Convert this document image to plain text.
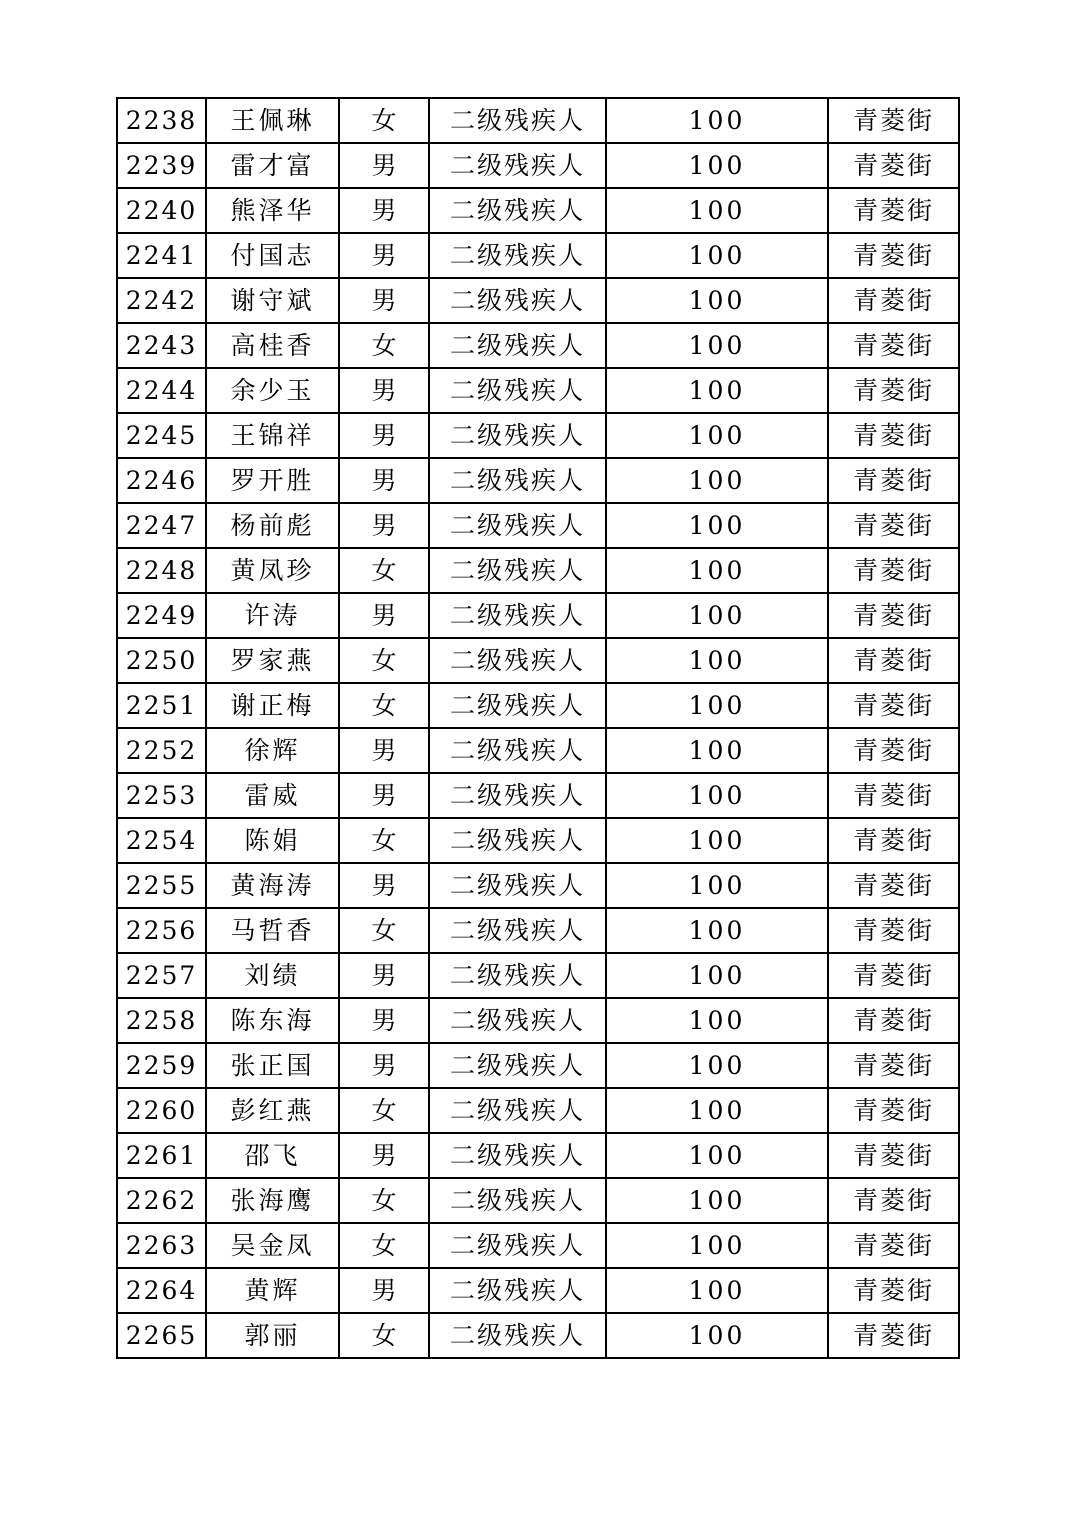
2238	王佩琳	女	二级残疾人	100	青菱街
2239	雷才富	男	二级残疾人	100	青菱街
2240	熊泽华	男	二级残疾人	100	青菱街
2241	付国志	男	二级残疾人	100	青菱街
2242	谢守斌	男	二级残疾人	100	青菱街
2243	高桂香	女	二级残疾人	100	青菱街
2244	余少玉	男	二级残疾人	100	青菱街
2245	王锦祥	男	二级残疾人	100	青菱街
2246	罗开胜	男	二级残疾人	100	青菱街
2247	杨前彪	男	二级残疾人	100	青菱街
2248	黄凤珍	女	二级残疾人	100	青菱街
2249	许涛	男	二级残疾人	100	青菱街
2250	罗家燕	女	二级残疾人	100	青菱街
2251	谢正梅	女	二级残疾人	100	青菱街
2252	徐辉	男	二级残疾人	100	青菱街
2253	雷威	男	二级残疾人	100	青菱街
2254	陈娟	女	二级残疾人	100	青菱街
2255	黄海涛	男	二级残疾人	100	青菱街
2256	马哲香	女	二级残疾人	100	青菱街
2257	刘绩	男	二级残疾人	100	青菱街
2258	陈东海	男	二级残疾人	100	青菱街
2259	张正国	男	二级残疾人	100	青菱街
2260	彭红燕	女	二级残疾人	100	青菱街
2261	邵飞	男	二级残疾人	100	青菱街
2262	张海鹰	女	二级残疾人	100	青菱街
2263	吴金凤	女	二级残疾人	100	青菱街
2264	黄辉	男	二级残疾人	100	青菱街
2265	郭丽	女	二级残疾人	100	青菱街
